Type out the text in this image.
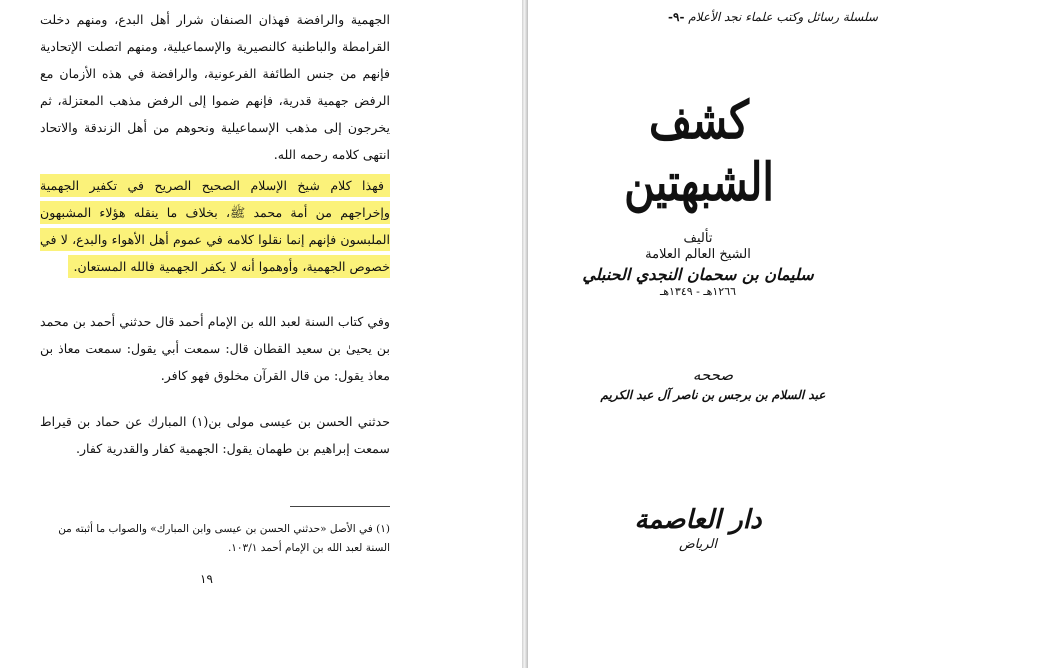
الجهمية والرافضة فهذان الصنفان شرار أهل البدع، ومنهم دخلت القرامطة والباطنية كالنصيرية والإسماعيلية، ومنهم اتصلت الإتحادية فإنهم من جنس الطائفة الفرعونية، والرافضة في هذه الأزمان مع الرفض جهمية قدرية، فإنهم ضموا إلى الرفض مذهب المعتزلة، ثم يخرجون إلى مذهب الإسماعيلية ونحوهم من أهل الزندقة والاتحاد انتهى كلامه رحمه الله.
فهذا كلام شيخ الإسلام الصحيح الصريح في تكفير الجهمية وإخراجهم من أمة محمد ﷺ، بخلاف ما ينقله هؤلاء المشبهون الملبسون فإنهم إنما نقلوا كلامه في عموم أهل الأهواء والبدع، لا في خصوص الجهمية، وأوهموا أنه لا يكفر الجهمية فالله المستعان.
وفي كتاب السنة لعبد الله بن الإمام أحمد قال حدثني أحمد بن محمد بن يحيىٰ بن سعيد القطان قال: سمعت أبي يقول: سمعت معاذ بن معاذ يقول: من قال القرآن مخلوق فهو كافر.
حدثني الحسن بن عيسى مولى بن(١) المبارك عن حماد بن قيراط سمعت إبراهيم بن طهمان يقول: الجهمية كفار والقدرية كفار.
(١) في الأصل «حدثني الحسن بن عيسى وابن المبارك» والصواب ما أثبته من السنة لعبد الله بن الإمام أحمد ١٠٣/١.
١٩
سلسلة رسائل وكتب علماء نجد الأعلام -٩-
كشف الشبهتين
تأليف
الشيخ العالم العلامة
سليمان بن سحمان النجدي الحنبلي
١٢٦٦هـ - ١٣٤٩هـ
صححه
عبد السلام بن برجس بن ناصر آل عبد الكريم
دار العاصمة
الرياض
